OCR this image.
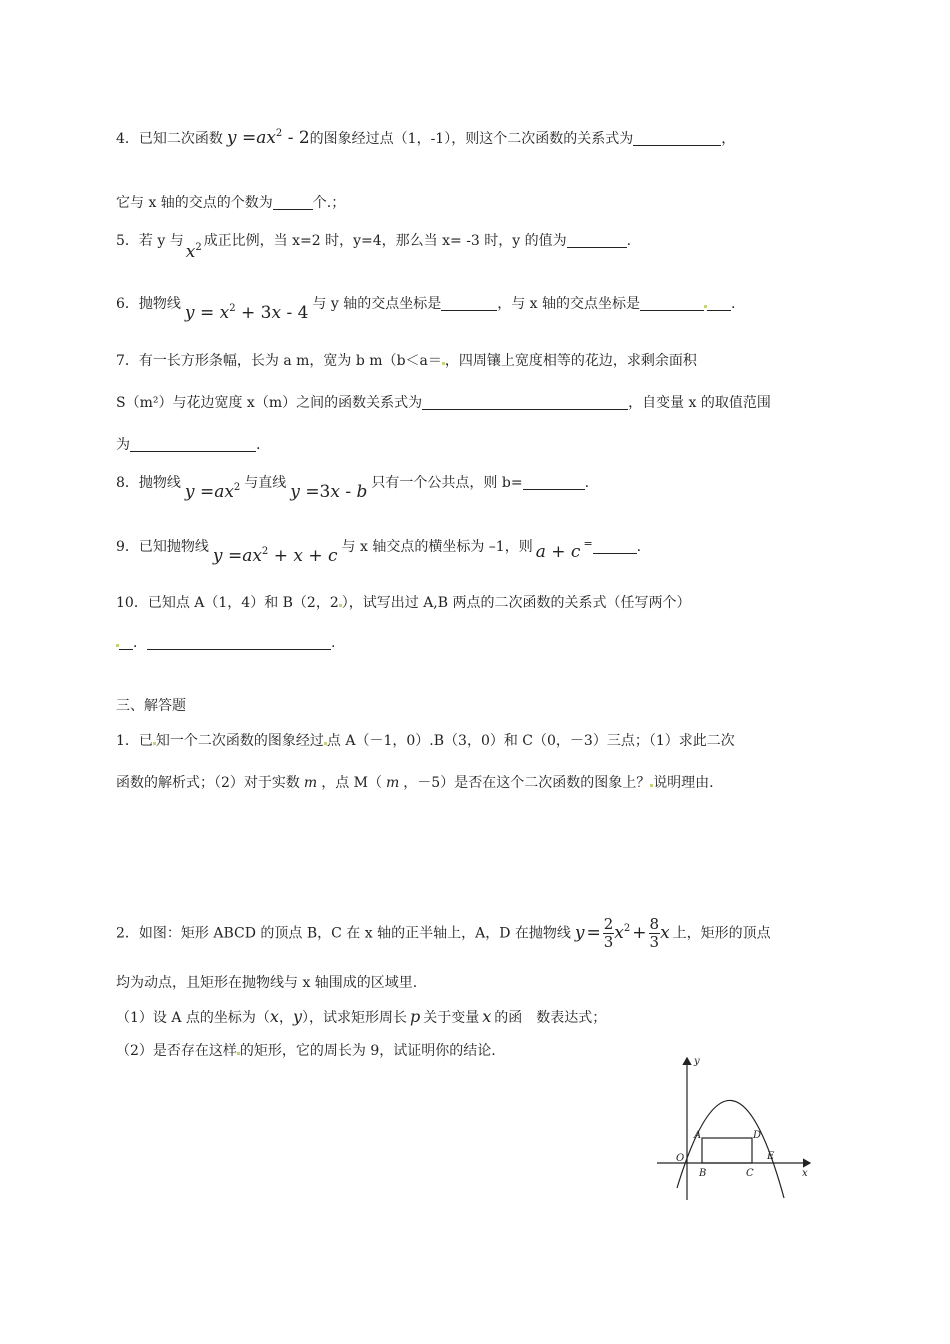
4．已知二次函数 $y =ax^2 - 2$的图象经过点（1，-1），则这个二次函数的关系式为	，
它与 x 轴的交点的个数为	个.；
5．若 y 与$x^2$ 成正比例，当 x=2 时，y=4，那么当 x= -3 时，y 的值为	.
6．抛物线 $y = x^2 + 3x - 4$ 与 y 轴的交点坐标是	，与 x 轴的交点坐标是	.
7．有一长方形条幅，长为 a m，宽为 b m（b＜a＝ ，四周镶上宽度相等的花边，求剩余面积
S（m²）与花边宽度 x（m）之间的函数关系式为	，自变量 x 的取值范围
为	.
8．抛物线 $y =ax^2$ 与直线 y =3x - b 只有一个公共点，则 b=	.
9．已知抛物线 $y =ax^2 + x + c$ 与 x 轴交点的横坐标为 –1，则 a + c =	.
10．已知点 A（1，4）和 B（2，2 ），试写出过 A,B 两点的二次函数的关系式（任写两个）
．	.
三、解答题
1．已 知一个二次函数的图象经过 点 A（－1，0）.B（3，0）和 C（0，－3）三点；（1）求此二次
函数的解析式；（2）对于实数 m ，点 M（ m ，－5）是否在这个二次函数的图象上？ 说明理由.
2．如图：矩形 ABCD 的顶点 B，C 在 x 轴的正半轴上，A，D 在抛物线 $y = \frac{2}{3} x^2 + \frac{8}{3}$ x 上，矩形的顶点
均为动点，且矩形在抛物线与 x 轴围成的区域里.
（1）设 A 点的坐标为（x，y），试求矩形周长 p 关于变量 x 的函　数表达式；
（2）是否存在这样 的矩形，它的周长为 9，试证明你的结论.
y
x
O
A	D
B	C
E
